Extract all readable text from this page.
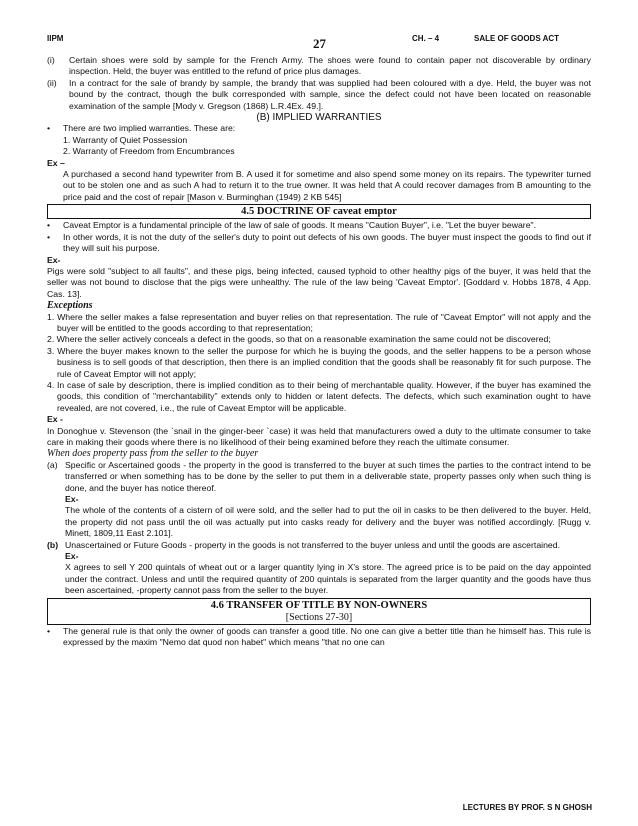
IIPM	27	CH. – 4	SALE OF GOODS ACT
(i)	Certain shoes were sold by sample for the French Army. The shoes were found to contain paper not discoverable by ordinary inspection. Held, the buyer was entitled to the refund of price plus damages.

(ii)	In a contract for the sale of brandy by sample, the brandy that was supplied had been coloured with a dye. Held, the buyer was not bound by the contract, though the bulk corresponded with sample, since the defect could not have been located on reasonable examination of the sample [Mody v. Gregson (1868) L.R.4Ex. 49.].

(B) IMPLIED WARRANTIES

•	There are two implied warranties. These are:

1. Warranty of Quiet Possession

2. Warranty of Freedom from Encumbrances

Ex –

A purchased a second hand typewriter from B. A used it for sometime and also spend some money on its repairs. The typewriter turned out to be stolen one and as such A had to return it to the true owner. It was held that A could recover damages from B amounting to the price paid and the cost of repair [Mason v. Burminghan (1949) 2 KB 545]

4.5 DOCTRINE OF caveat emptor
•	Caveat Emptor is a fundamental principle of the law of sale of goods. It means "Caution Buyer", i.e. "Let the buyer beware".

•	In other words, it is not the duty of the seller's duty to point out defects of his own goods. The buyer must inspect the goods to find out if they will suit his purpose.

Ex-

Pigs were sold "subject to all faults", and these pigs, being infected, caused typhoid to other healthy pigs of the buyer, it was held that the seller was not bound to disclose that the pigs were unhealthy. The rule of the law being 'Caveat Emptor'. [Goddard v. Hobbs 1878, 4 App. Cas. 13].

Exceptions

1. Where the seller makes a false representation and buyer relies on that representation. The rule of "Caveat Emptor" will not apply and the buyer will be entitled to the goods according to that representation;

2. Where the seller actively conceals a defect in the goods, so that on a reasonable examination the same could not be discovered;

3. Where the buyer makes known to the seller the purpose for which he is buying the goods, and the seller happens to be a person whose business is to sell goods of that description, then there is an implied condition that the goods shall be reasonably fit for such purpose. The rule of Caveat Emptor will not apply;

4. In case of sale by description, there is implied condition as to their being of merchantable quality. However, if the buyer has examined the goods, this condition of "merchantability" extends only to hidden or latent defects. The defects, which such examination ought to have revealed, are not covered, i.e., the rule of Caveat Emptor will be applicable.

Ex -

In Donoghue v. Stevenson (the `snail in the ginger-beer `case) it was held that manufacturers owed a duty to the ultimate consumer to take care in making their goods where there is no likelihood of their being examined before they reach the ultimate consumer.

When does property pass from the seller to the buyer

(a) Specific or Ascertained goods - the property in the good is transferred to the buyer at such times the parties to the contract intend to be transferred or when something has to be done by the seller to put them in a deliverable state, property passes only when such thing is done, and the buyer has notice thereof.

Ex-

The whole of the contents of a cistern of oil were sold, and the seller had to put the oil in casks to be then delivered to the buyer. Held, the property did not pass until the oil was actually put into casks ready for delivery and the buyer was notified accordingly. [Rugg v. Minett, 1809,11 East 2.101].

(b) Unascertained or Future Goods - property in the goods is not transferred to the buyer unless and until the goods are ascertained.

Ex-

X agrees to sell Y 200 quintals of wheat out or a larger quantity lying in X's store. The agreed price is to be paid on the day appointed under the contract. Unless and until the required quantity of 200 quintals is separated from the larger quantity and the goods have thus been ascertained, -property cannot pass from the seller to the buyer.

4.6 TRANSFER OF TITLE BY NON-OWNERS
[Sections 27-30]
•	The general rule is that only the owner of goods can transfer a good title. No one can give a better title than he himself has. This rule is expressed by the maxim "Nemo dat quod non habet" which means "that no one can

LECTURES BY PROF. S N GHOSH
